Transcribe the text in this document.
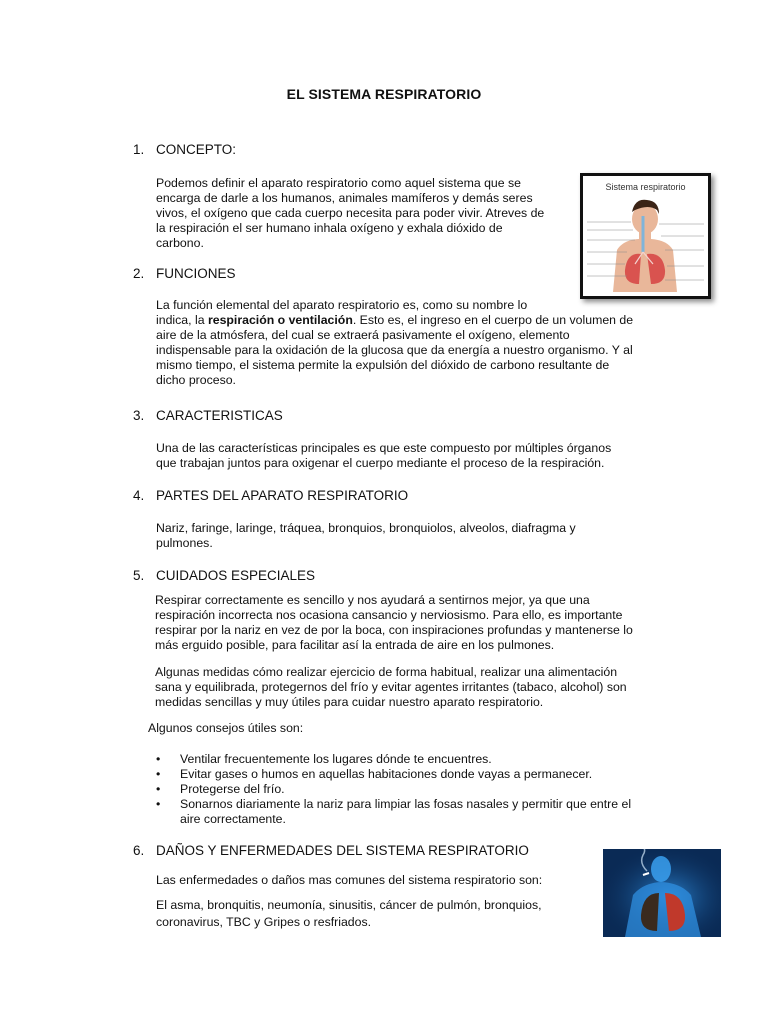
EL SISTEMA RESPIRATORIO
1. CONCEPTO:
Podemos definir el aparato respiratorio como aquel sistema que se
encarga de darle a los humanos, animales mamíferos y demás seres
vivos, el oxígeno que cada cuerpo necesita para poder vivir. Atreves de
la respiración el ser humano inhala oxígeno y exhala dióxido de
carbono.
Sistema respiratorio
2. FUNCIONES
La función elemental del aparato respiratorio es, como su nombre lo
indica, la respiración o ventilación. Esto es, el ingreso en el cuerpo de un volumen de
aire de la atmósfera, del cual se extraerá pasivamente el oxígeno, elemento
indispensable para la oxidación de la glucosa que da energía a nuestro organismo. Y al
mismo tiempo, el sistema permite la expulsión del dióxido de carbono resultante de
dicho proceso.
3. CARACTERISTICAS
Una de las características principales es que este compuesto por múltiples órganos
que trabajan juntos para oxigenar el cuerpo mediante el proceso de la respiración.
4. PARTES DEL APARATO RESPIRATORIO
Nariz, faringe, laringe, tráquea, bronquios, bronquiolos, alveolos, diafragma y
pulmones.
5. CUIDADOS ESPECIALES
Respirar correctamente es sencillo y nos ayudará a sentirnos mejor, ya que una
respiración incorrecta nos ocasiona cansancio y nerviosismo. Para ello, es importante
respirar por la nariz en vez de por la boca, con inspiraciones profundas y mantenerse lo
más erguido posible, para facilitar así la entrada de aire en los pulmones.
Algunas medidas cómo realizar ejercicio de forma habitual, realizar una alimentación
sana y equilibrada, protegernos del frío y evitar agentes irritantes (tabaco, alcohol) son
medidas sencillas y muy útiles para cuidar nuestro aparato respiratorio.
Algunos consejos útiles son:
• Ventilar frecuentemente los lugares dónde te encuentres.
• Evitar gases o humos en aquellas habitaciones donde vayas a permanecer.
• Protegerse del frío.
• Sonarnos diariamente la nariz para limpiar las fosas nasales y permitir que entre el
aire correctamente.
6. DAÑOS Y ENFERMEDADES DEL SISTEMA RESPIRATORIO
Las enfermedades o daños mas comunes del sistema respiratorio son:
El asma, bronquitis, neumonía, sinusitis, cáncer de pulmón, bronquios,
coronavirus, TBC y Gripes o resfriados.
